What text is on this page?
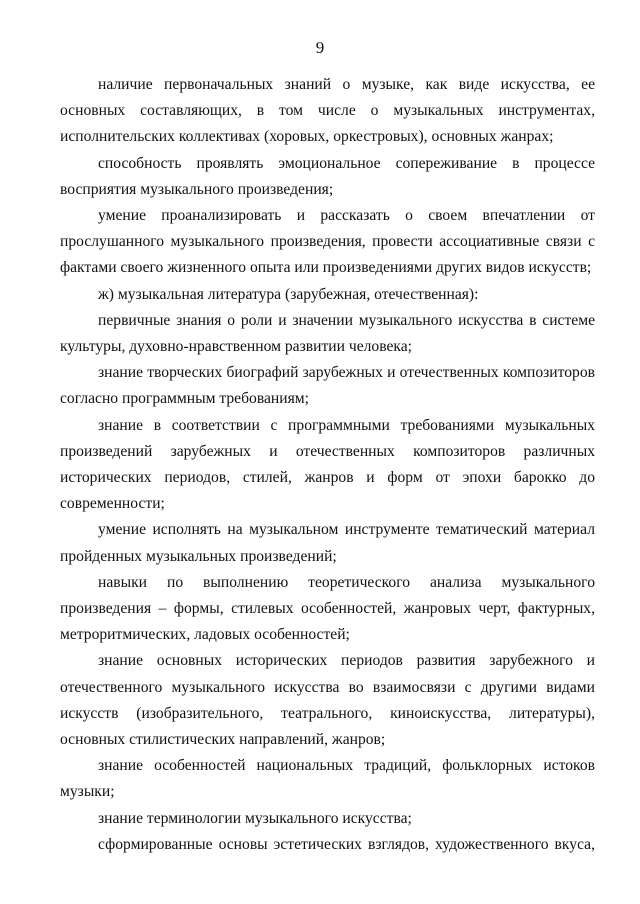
9

наличие первоначальных знаний о музыке, как виде искусства, ее основных составляющих, в том числе о музыкальных инструментах, исполнительских коллективах (хоровых, оркестровых), основных жанрах;

способность проявлять эмоциональное сопереживание в процессе восприятия музыкального произведения;

умение проанализировать и рассказать о своем впечатлении от прослушанного музыкального произведения, провести ассоциативные связи с фактами своего жизненного опыта или произведениями других видов искусств;

ж) музыкальная литература (зарубежная, отечественная):

первичные знания о роли и значении музыкального искусства в системе культуры, духовно-нравственном развитии человека;

знание творческих биографий зарубежных и отечественных композиторов согласно программным требованиям;

знание в соответствии с программными требованиями музыкальных произведений зарубежных и отечественных композиторов различных исторических периодов, стилей, жанров и форм от эпохи барокко до современности;

умение исполнять на музыкальном инструменте тематический материал пройденных музыкальных произведений;

навыки по выполнению теоретического анализа музыкального произведения – формы, стилевых особенностей, жанровых черт, фактурных, метроритмических, ладовых особенностей;

знание основных исторических периодов развития зарубежного и отечественного музыкального искусства во взаимосвязи с другими видами искусств (изобразительного, театрального, киноискусства, литературы), основных стилистических направлений, жанров;

знание особенностей национальных традиций, фольклорных истоков музыки;

знание терминологии музыкального искусства;

сформированные основы эстетических взглядов, художественного вкуса,
